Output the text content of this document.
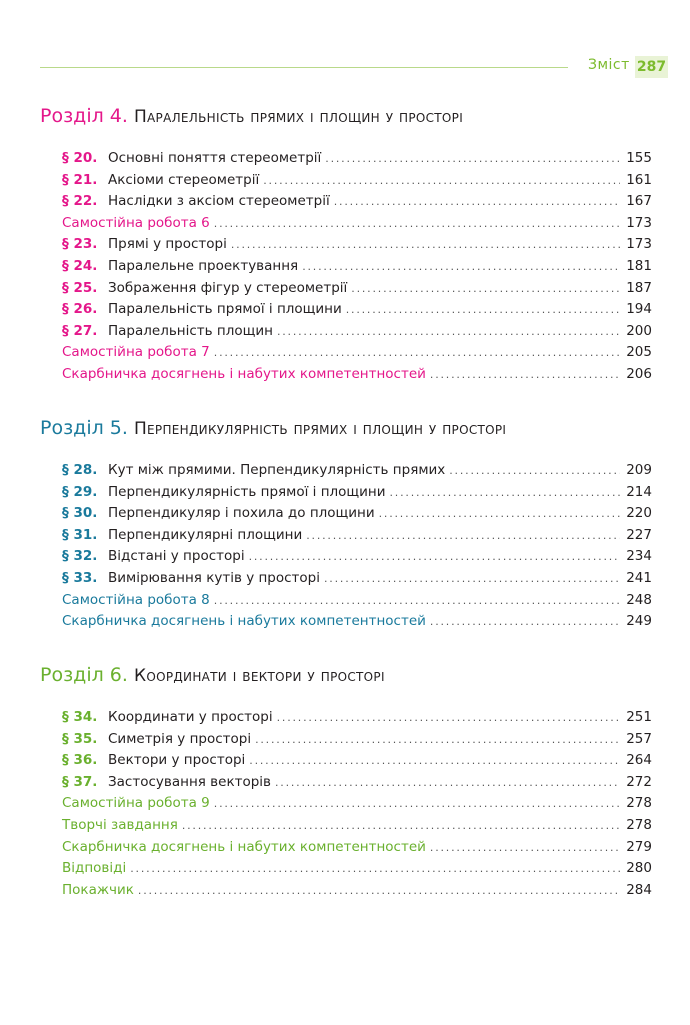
Зміст 287
Розділ 4. Паралельність прямих і площин у просторі
§ 20. Основні поняття стереометрії .....	155
§ 21. Аксіоми стереометрії .....	161
§ 22. Наслідки з аксіом стереометрії .....	167
Самостійна робота 6 .....	173
§ 23. Прямі у просторі .....	173
§ 24. Паралельне проектування .....	181
§ 25. Зображення фігур у стереометрії .....	187
§ 26. Паралельність прямої і площини .....	194
§ 27. Паралельність площин .....	200
Самостійна робота 7 .....	205
Скарбничка досягнень і набутих компетентностей .....	206
Розділ 5. Перпендикулярність прямих і площин у просторі
§ 28. Кут між прямими. Перпендикулярність прямих .....	209
§ 29. Перпендикулярність прямої і площини .....	214
§ 30. Перпендикуляр і похила до площини .....	220
§ 31. Перпендикулярні площини .....	227
§ 32. Відстані у просторі .....	234
§ 33. Вимірювання кутів у просторі .....	241
Самостійна робота 8 .....	248
Скарбничка досягнень і набутих компетентностей .....	249
Розділ 6. Координати і вектори у просторі
§ 34. Координати у просторі .....	251
§ 35. Симетрія у просторі .....	257
§ 36. Вектори у просторі .....	264
§ 37. Застосування векторів .....	272
Самостійна робота 9 .....	278
Творчі завдання .....	278
Скарбничка досягнень і набутих компетентностей .....	279
Відповіді .....	280
Покажчик .....	284
